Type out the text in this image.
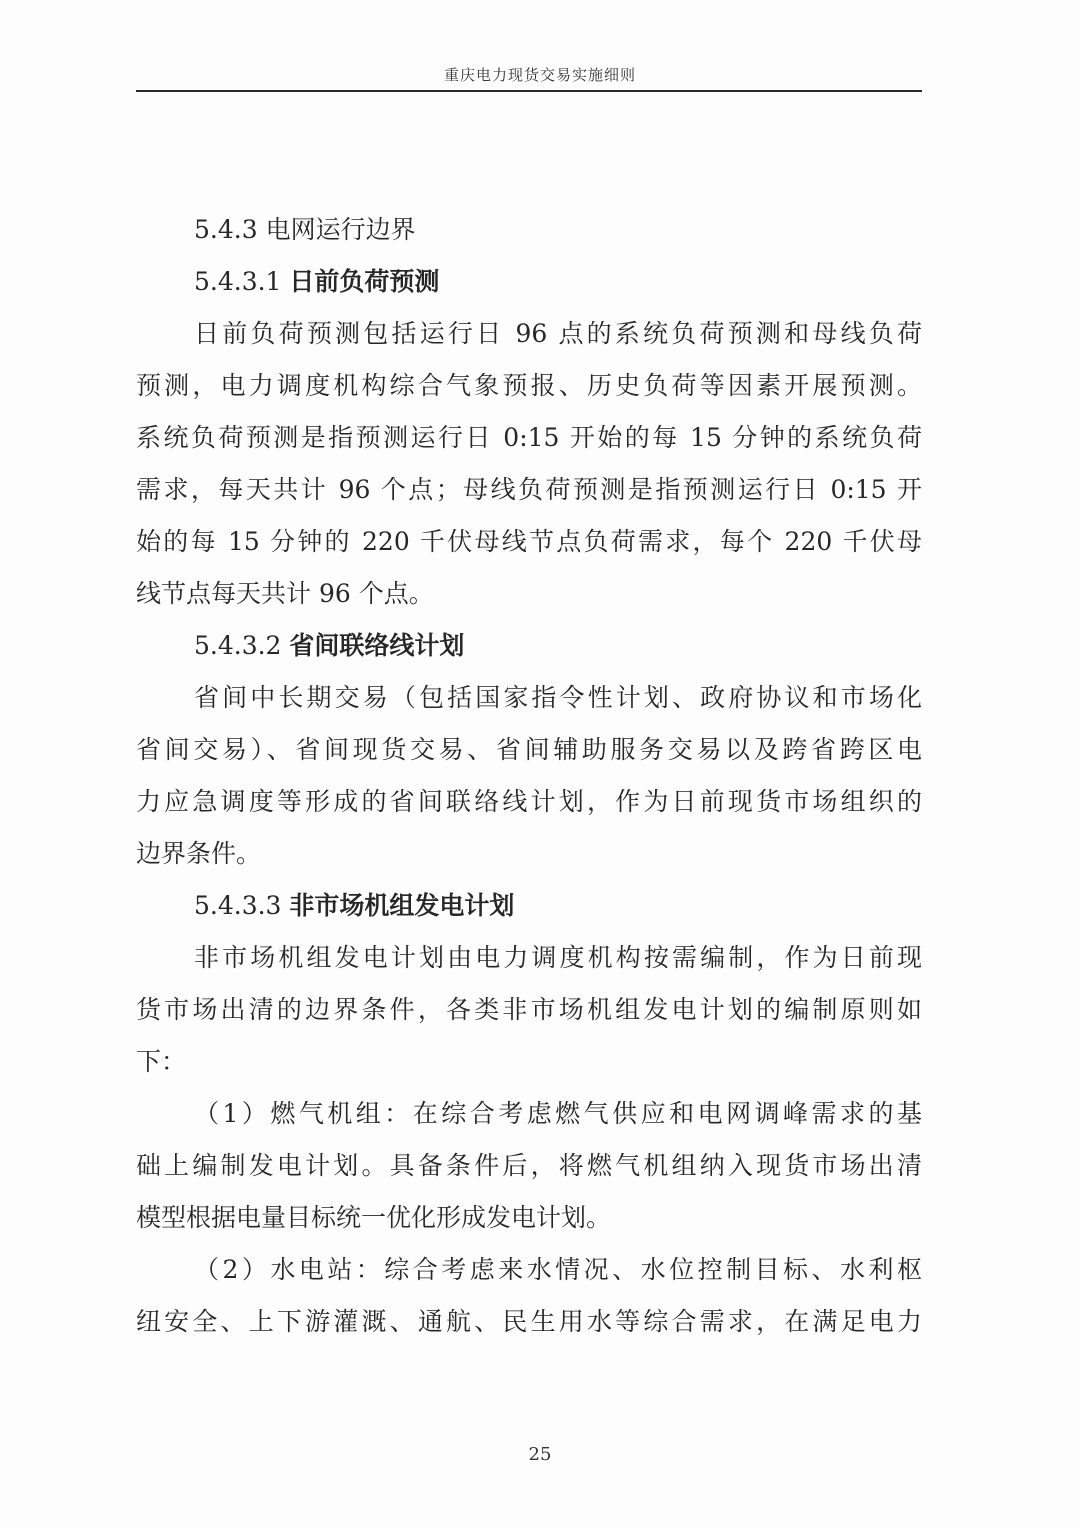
重庆电力现货交易实施细则
5.4.3 电网运行边界
5.4.3.1 日前负荷预测
日前负荷预测包括运行日 96 点的系统负荷预测和母线负荷
预测，电力调度机构综合气象预报、历史负荷等因素开展预测。
系统负荷预测是指预测运行日 0:15 开始的每 15 分钟的系统负荷
需求，每天共计 96 个点；母线负荷预测是指预测运行日 0:15 开
始的每 15 分钟的 220 千伏母线节点负荷需求，每个 220 千伏母
线节点每天共计 96 个点。
5.4.3.2 省间联络线计划
省间中长期交易（包括国家指令性计划、政府协议和市场化
省间交易）、省间现货交易、省间辅助服务交易以及跨省跨区电
力应急调度等形成的省间联络线计划，作为日前现货市场组织的
边界条件。
5.4.3.3 非市场机组发电计划
非市场机组发电计划由电力调度机构按需编制，作为日前现
货市场出清的边界条件，各类非市场机组发电计划的编制原则如
下：
（1）燃气机组：在综合考虑燃气供应和电网调峰需求的基
础上编制发电计划。具备条件后，将燃气机组纳入现货市场出清
模型根据电量目标统一优化形成发电计划。
（2）水电站：综合考虑来水情况、水位控制目标、水利枢
纽安全、上下游灌溉、通航、民生用水等综合需求，在满足电力
25
